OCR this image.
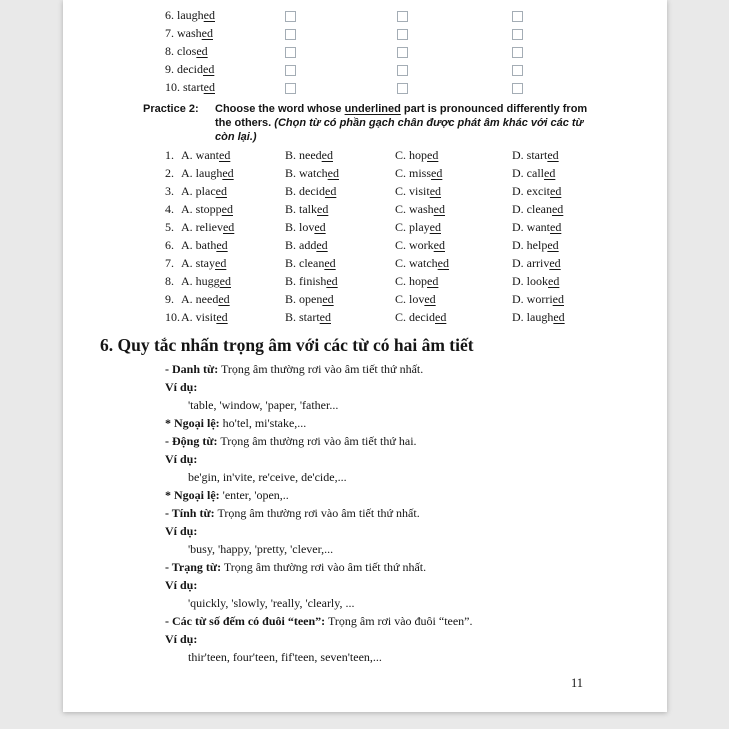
6. laughed
7. washed
8. closed
9. decided
10. started
Practice 2: Choose the word whose underlined part is pronounced differently from the others. (Chọn từ có phần gạch chân được phát âm khác với các từ còn lại.)
1. A. wanted	B. needed	C. hoped	D. started
2. A. laughed	B. watched	C. missed	D. called
3. A. placed	B. decided	C. visited	D. excited
4. A. stopped	B. talked	C. washed	D. cleaned
5. A. relieved	B. loved	C. played	D. wanted
6. A. bathed	B. added	C. worked	D. helped
7. A. stayed	B. cleaned	C. watched	D. arrived
8. A. hugged	B. finished	C. hoped	D. looked
9. A. needed	B. opened	C. loved	D. worried
10. A. visited	B. started	C. decided	D. laughed
6. Quy tắc nhấn trọng âm với các từ có hai âm tiết
- Danh từ: Trọng âm thường rơi vào âm tiết thứ nhất.
Ví dụ:
'table, 'window, 'paper, 'father...
* Ngoại lệ: ho'tel, mi'stake,...
- Động từ: Trọng âm thường rơi vào âm tiết thứ hai.
Ví dụ:
be'gin, in'vite, re'ceive, de'cide,...
* Ngoại lệ: 'enter, 'open,..
- Tính từ: Trọng âm thường rơi vào âm tiết thứ nhất.
Ví dụ:
'busy, 'happy, 'pretty, 'clever,...
- Trạng từ: Trọng âm thường rơi vào âm tiết thứ nhất.
Ví dụ:
'quickly, 'slowly, 'really, 'clearly, ...
- Các từ số đếm có đuôi “teen”: Trọng âm rơi vào đuôi “teen”.
Ví dụ:
thir'teen, four'teen, fif'teen, seven'teen,...
11
